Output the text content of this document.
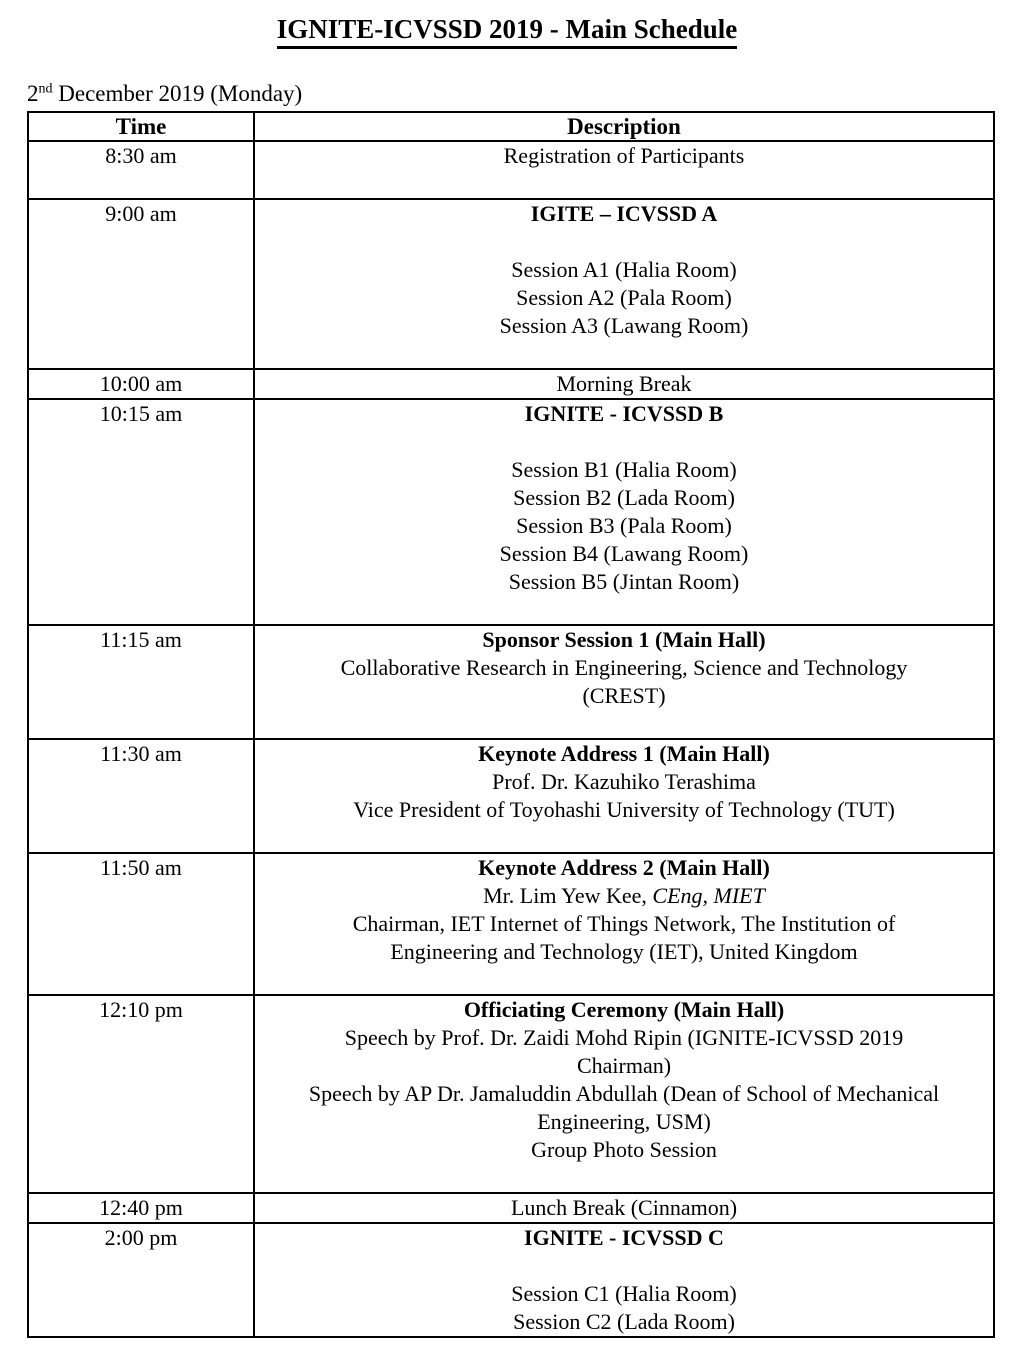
IGNITE-ICVSSD 2019 - Main Schedule
2nd December 2019 (Monday)
Time	Description
8:30 am	Registration of Participants

9:00 am	IGITE – ICVSSD A

Session A1 (Halia Room)
Session A2 (Pala Room)
Session A3 (Lawang Room)

10:00 am	Morning Break

10:15 am	IGNITE - ICVSSD B

Session B1 (Halia Room)
Session B2 (Lada Room)
Session B3 (Pala Room)
Session B4 (Lawang Room)
Session B5 (Jintan Room)

11:15 am	Sponsor Session 1 (Main Hall)
Collaborative Research in Engineering, Science and Technology
(CREST)

11:30 am	Keynote Address 1 (Main Hall)
Prof. Dr. Kazuhiko Terashima
Vice President of Toyohashi University of Technology (TUT)

11:50 am	Keynote Address 2 (Main Hall)
Mr. Lim Yew Kee, CEng, MIET
Chairman, IET Internet of Things Network, The Institution of
Engineering and Technology (IET), United Kingdom

12:10 pm	Officiating Ceremony (Main Hall)
Speech by Prof. Dr. Zaidi Mohd Ripin (IGNITE-ICVSSD 2019
Chairman)
Speech by AP Dr. Jamaluddin Abdullah (Dean of School of Mechanical
Engineering, USM)
Group Photo Session

12:40 pm	Lunch Break (Cinnamon)

2:00 pm	IGNITE - ICVSSD C

Session C1 (Halia Room)
Session C2 (Lada Room)
